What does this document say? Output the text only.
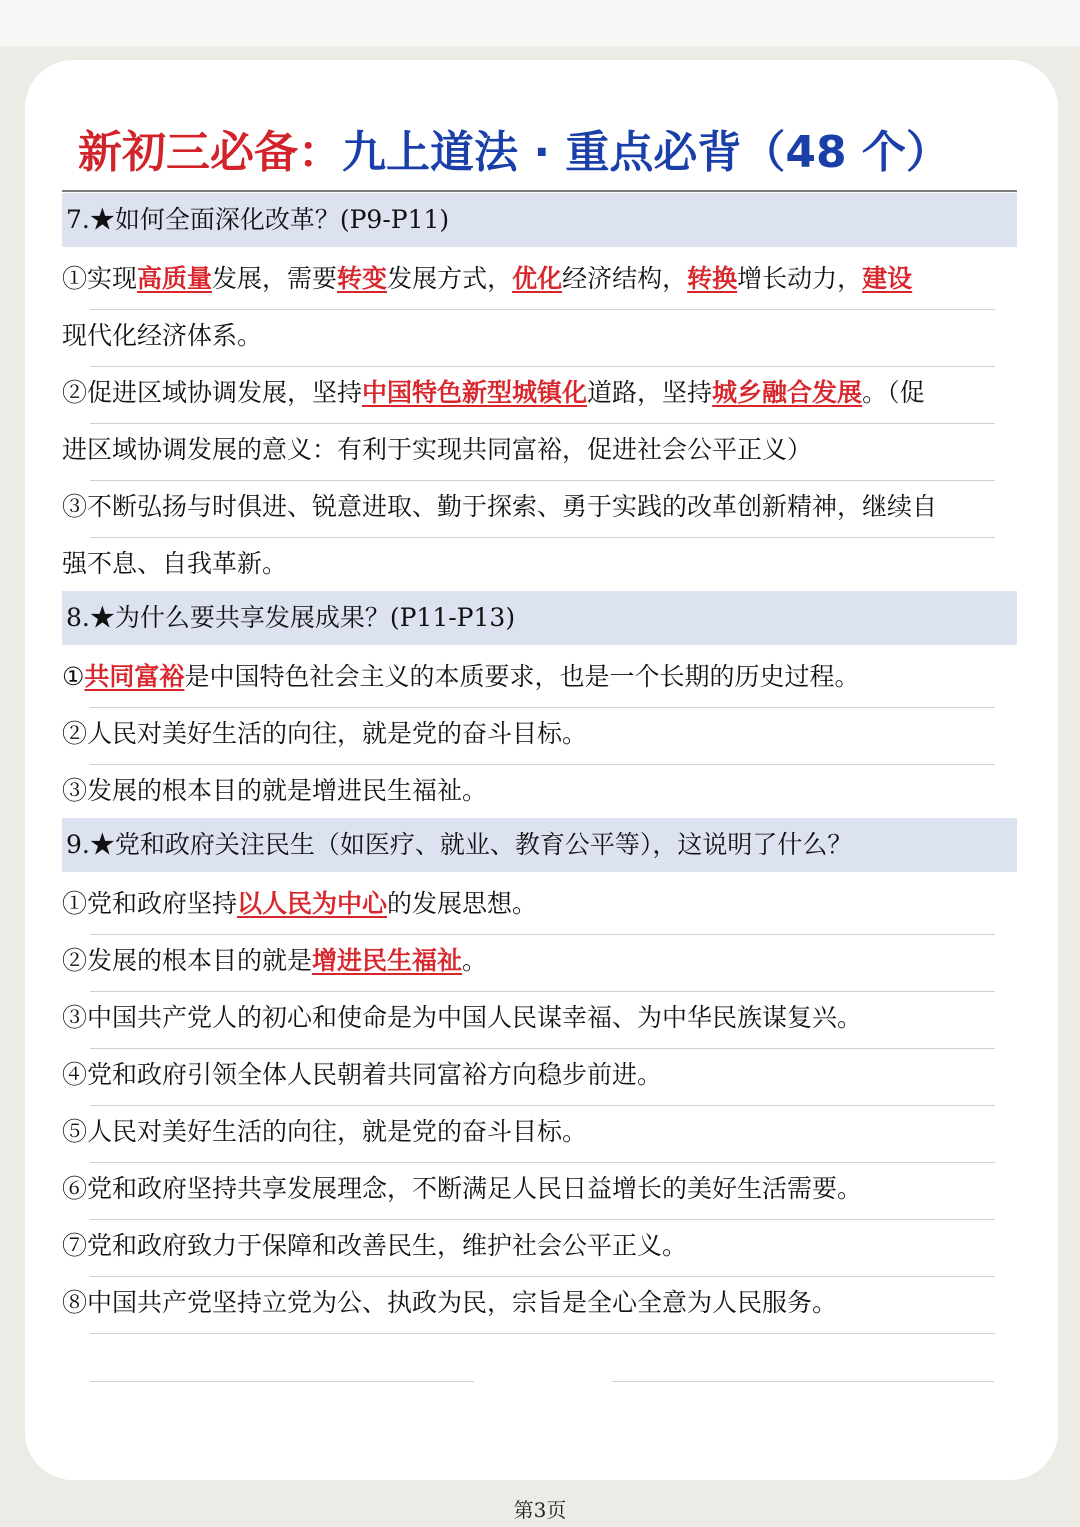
新初三必备：九上道法 · 重点必背（48 个）
7.★如何全面深化改革？(P9-P11)
①实现高质量发展，需要转变发展方式，优化经济结构，转换增长动力，建设
现代化经济体系。
②促进区域协调发展，坚持中国特色新型城镇化道路，坚持城乡融合发展。（促
进区域协调发展的意义：有利于实现共同富裕，促进社会公平正义）
③不断弘扬与时俱进、锐意进取、勤于探索、勇于实践的改革创新精神，继续自
强不息、自我革新。
8.★为什么要共享发展成果？(P11-P13)
①共同富裕是中国特色社会主义的本质要求，也是一个长期的历史过程。
②人民对美好生活的向往，就是党的奋斗目标。
③发展的根本目的就是增进民生福祉。
9.★党和政府关注民生（如医疗、就业、教育公平等），这说明了什么？
①党和政府坚持以人民为中心的发展思想。
②发展的根本目的就是增进民生福祉。
③中国共产党人的初心和使命是为中国人民谋幸福、为中华民族谋复兴。
④党和政府引领全体人民朝着共同富裕方向稳步前进。
⑤人民对美好生活的向往，就是党的奋斗目标。
⑥党和政府坚持共享发展理念，不断满足人民日益增长的美好生活需要。
⑦党和政府致力于保障和改善民生，维护社会公平正义。
⑧中国共产党坚持立党为公、执政为民，宗旨是全心全意为人民服务。
第3页
